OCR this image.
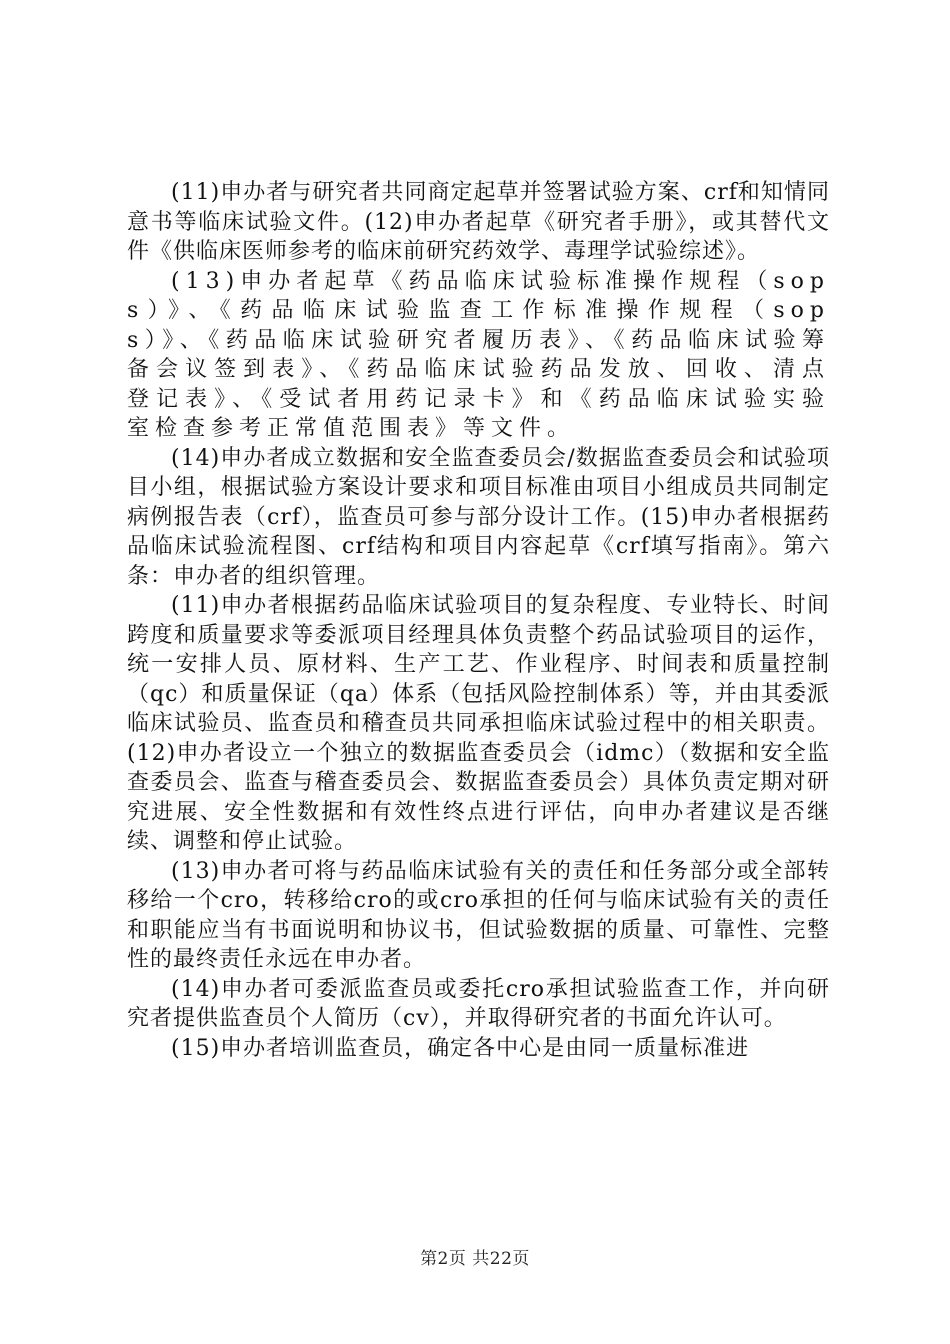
(11)申办者与研究者共同商定起草并签署试验方案、crf和知情同意书等临床试验文件。(12)申办者起草《研究者手册》，或其替代文件《供临床医师参考的临床前研究药效学、毒理学试验综述》。

(13)申办者起草《药品临床试验标准操作规程（sops）》、《药品临床试验监查工作标准操作规程（sops）》、《药品临床试验研究者履历表》、《药品临床试验筹备会议签到表》、《药品临床试验药品发放、回收、清点登记表》、《受试者用药记录卡》和《药品临床试验实验室检查参考正常值范围表》等文件。

(14)申办者成立数据和安全监查委员会/数据监查委员会和试验项目小组，根据试验方案设计要求和项目标准由项目小组成员共同制定病例报告表（crf），监查员可参与部分设计工作。(15)申办者根据药品临床试验流程图、crf结构和项目内容起草《crf填写指南》。第六条：申办者的组织管理。

(11)申办者根据药品临床试验项目的复杂程度、专业特长、时间跨度和质量要求等委派项目经理具体负责整个药品试验项目的运作，统一安排人员、原材料、生产工艺、作业程序、时间表和质量控制（qc）和质量保证（qa）体系（包括风险控制体系）等，并由其委派临床试验员、监查员和稽查员共同承担临床试验过程中的相关职责。(12)申办者设立一个独立的数据监查委员会（idmc）（数据和安全监查委员会、监查与稽查委员会、数据监查委员会）具体负责定期对研究进展、安全性数据和有效性终点进行评估，向申办者建议是否继续、调整和停止试验。

(13)申办者可将与药品临床试验有关的责任和任务部分或全部转移给一个cro，转移给cro的或cro承担的任何与临床试验有关的责任和职能应当有书面说明和协议书，但试验数据的质量、可靠性、完整性的最终责任永远在申办者。

(14)申办者可委派监查员或委托cro承担试验监查工作，并向研究者提供监查员个人简历（cv），并取得研究者的书面允许认可。

(15)申办者培训监查员，确定各中心是由同一质量标准进

第2页 共22页
